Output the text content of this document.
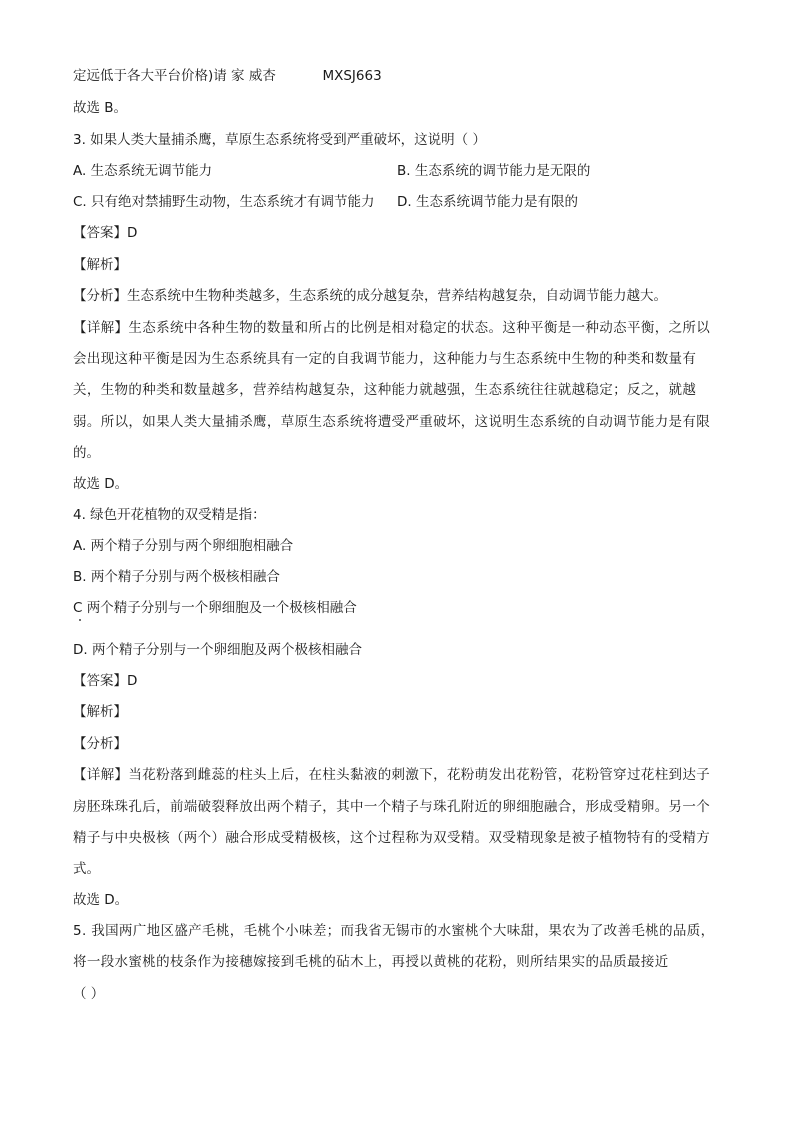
定远低于各大平台价格)请 家 威杏	MXSJ663
故选 B。
3. 如果人类大量捕杀鹰，草原生态系统将受到严重破坏，这说明（ ）
A. 生态系统无调节能力	B. 生态系统的调节能力是无限的
C. 只有绝对禁捕野生动物，生态系统才有调节能力 D. 生态系统调节能力是有限的
【答案】D
【解析】
【分析】生态系统中生物种类越多，生态系统的成分越复杂，营养结构越复杂，自动调节能力越大。
【详解】生态系统中各种生物的数量和所占的比例是相对稳定的状态。这种平衡是一种动态平衡，之所以
会出现这种平衡是因为生态系统具有一定的自我调节能力，这种能力与生态系统中生物的种类和数量有
关，生物的种类和数量越多，营养结构越复杂，这种能力就越强，生态系统往往就越稳定；反之，就越
弱。所以，如果人类大量捕杀鹰，草原生态系统将遭受严重破坏，这说明生态系统的自动调节能力是有限
的。
故选 D。
4. 绿色开花植物的双受精是指：
A. 两个精子分别与两个卵细胞相融合
B. 两个精子分别与两个极核相融合
C 两个精子分别与一个卵细胞及一个极核相融合
D. 两个精子分别与一个卵细胞及两个极核相融合
【答案】D
【解析】
【分析】
【详解】当花粉落到雌蕊的柱头上后，在柱头黏液的刺激下，花粉萌发出花粉管，花粉管穿过花柱到达子
房胚珠珠孔后，前端破裂释放出两个精子，其中一个精子与珠孔附近的卵细胞融合，形成受精卵。另一个
精子与中央极核（两个）融合形成受精极核，这个过程称为双受精。双受精现象是被子植物特有的受精方
式。
故选 D。
5. 我国两广地区盛产毛桃，毛桃个小味差；而我省无锡市的水蜜桃个大味甜，果农为了改善毛桃的品质，
将一段水蜜桃的枝条作为接穗嫁接到毛桃的砧木上，再授以黄桃的花粉，则所结果实的品质最接近
（ ）
